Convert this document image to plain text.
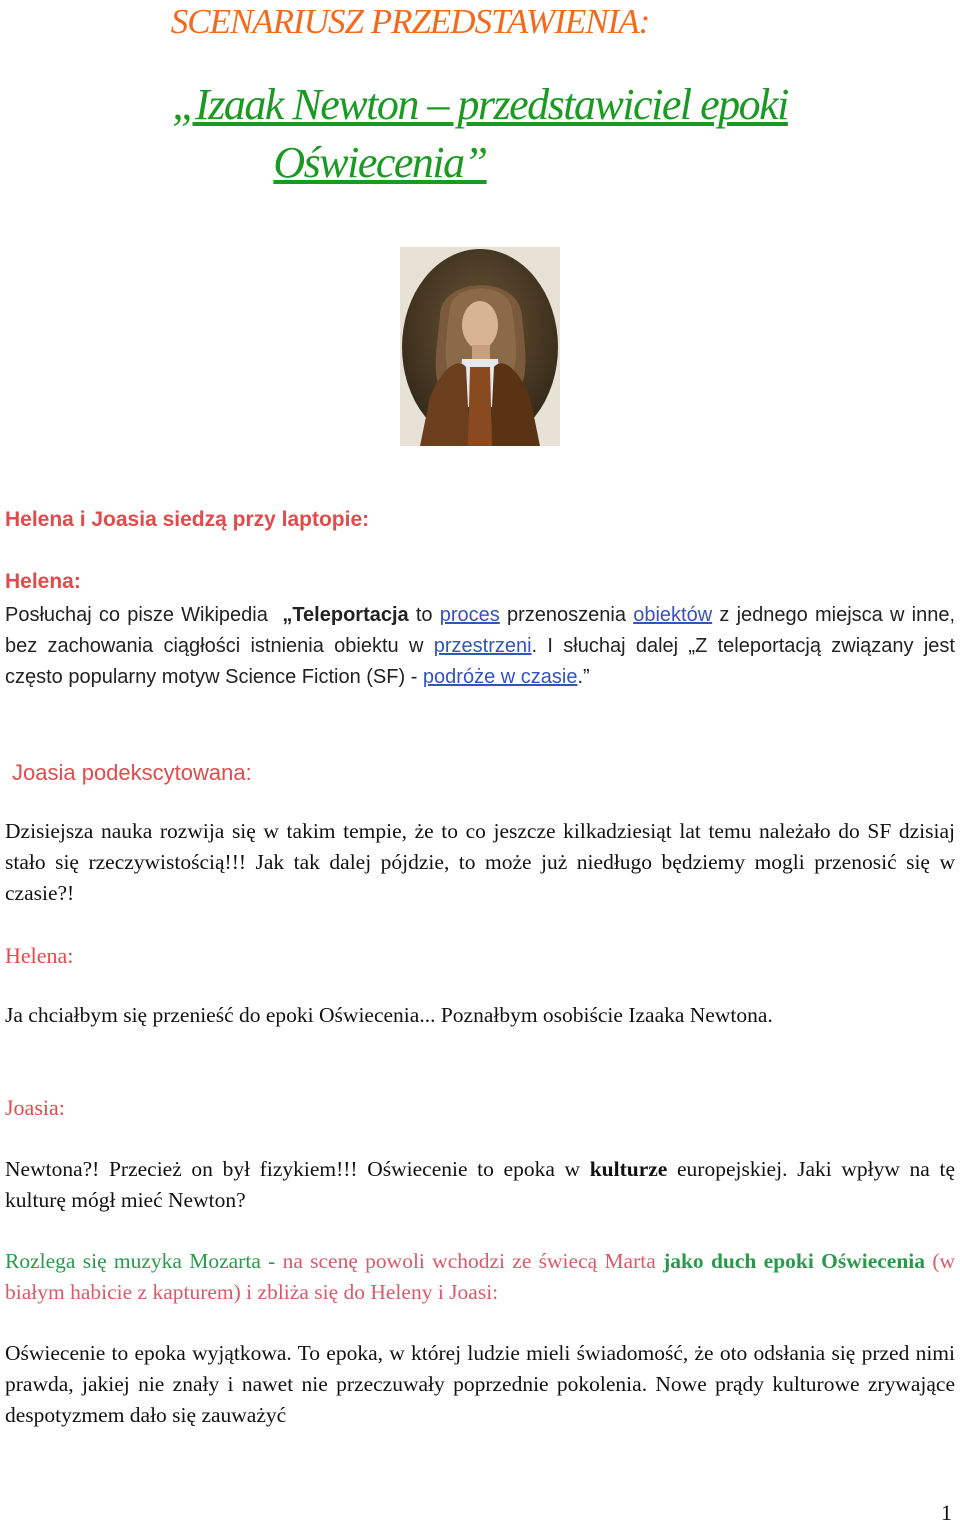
SCENARIUSZ PRZEDSTAWIENIA:
„Izaak Newton – przedstawiciel epoki
Oświecenia”
Helena i Joasia siedzą przy laptopie:
Helena:
Posłuchaj co pisze Wikipedia „Teleportacja to proces przenoszenia obiektów z jednego miejsca w inne, bez zachowania ciągłości istnienia obiektu w przestrzeni. I słuchaj dalej „Z teleportacją związany jest często popularny motyw Science Fiction (SF) - podróże w czasie.”
Joasia podekscytowana:
Dzisiejsza nauka rozwija się w takim tempie, że to co jeszcze kilkadziesiąt lat temu należało do SF dzisiaj stało się rzeczywistością!!! Jak tak dalej pójdzie, to może już niedługo będziemy mogli przenosić się w czasie?!
Helena:
Ja chciałbym się przenieść do epoki Oświecenia... Poznałbym osobiście Izaaka Newtona.
Joasia:
Newtona?! Przecież on był fizykiem!!! Oświecenie to epoka w kulturze europejskiej. Jaki wpływ na tę kulturę mógł mieć Newton?
Rozlega się muzyka Mozarta - na scenę powoli wchodzi ze świecą Marta jako duch epoki Oświecenia (w białym habicie z kapturem) i zbliża się do Heleny i Joasi:
Oświecenie to epoka wyjątkowa. To epoka, w której ludzie mieli świadomość, że oto odsłania się przed nimi prawda, jakiej nie znały i nawet nie przeczuwały poprzednie pokolenia. Nowe prądy kulturowe zrywające despotyzmem dało się zauważyć
1
